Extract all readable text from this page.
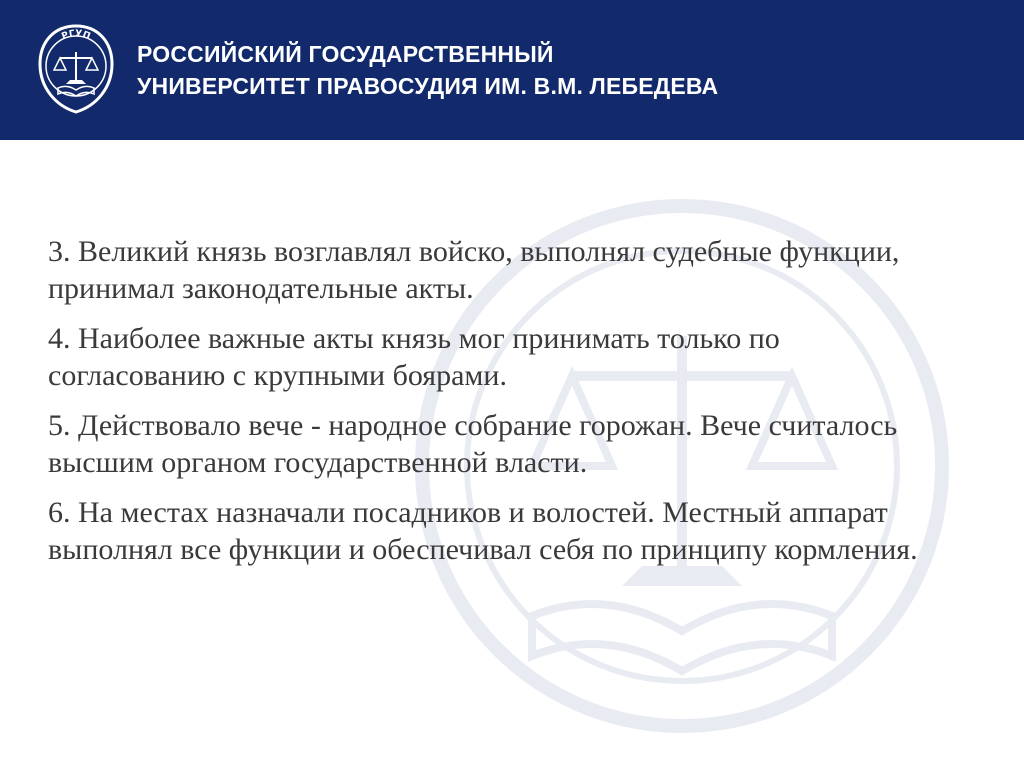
РГУП
РОССИЙСКИЙ ГОСУДАРСТВЕННЫЙ
УНИВЕРСИТЕТ ПРАВОСУДИЯ ИМ. В.М. ЛЕБЕДЕВА
3. Великий князь возглавлял войско, выполнял судебные функции, принимал законодательные акты.
4. Наиболее важные акты князь мог принимать только по согласованию с крупными боярами.
5. Действовало вече - народное собрание горожан. Вече считалось высшим органом государственной власти.
6. На местах назначали посадников и волостей. Местный аппарат выполнял все функции и обеспечивал себя по принципу кормления.
